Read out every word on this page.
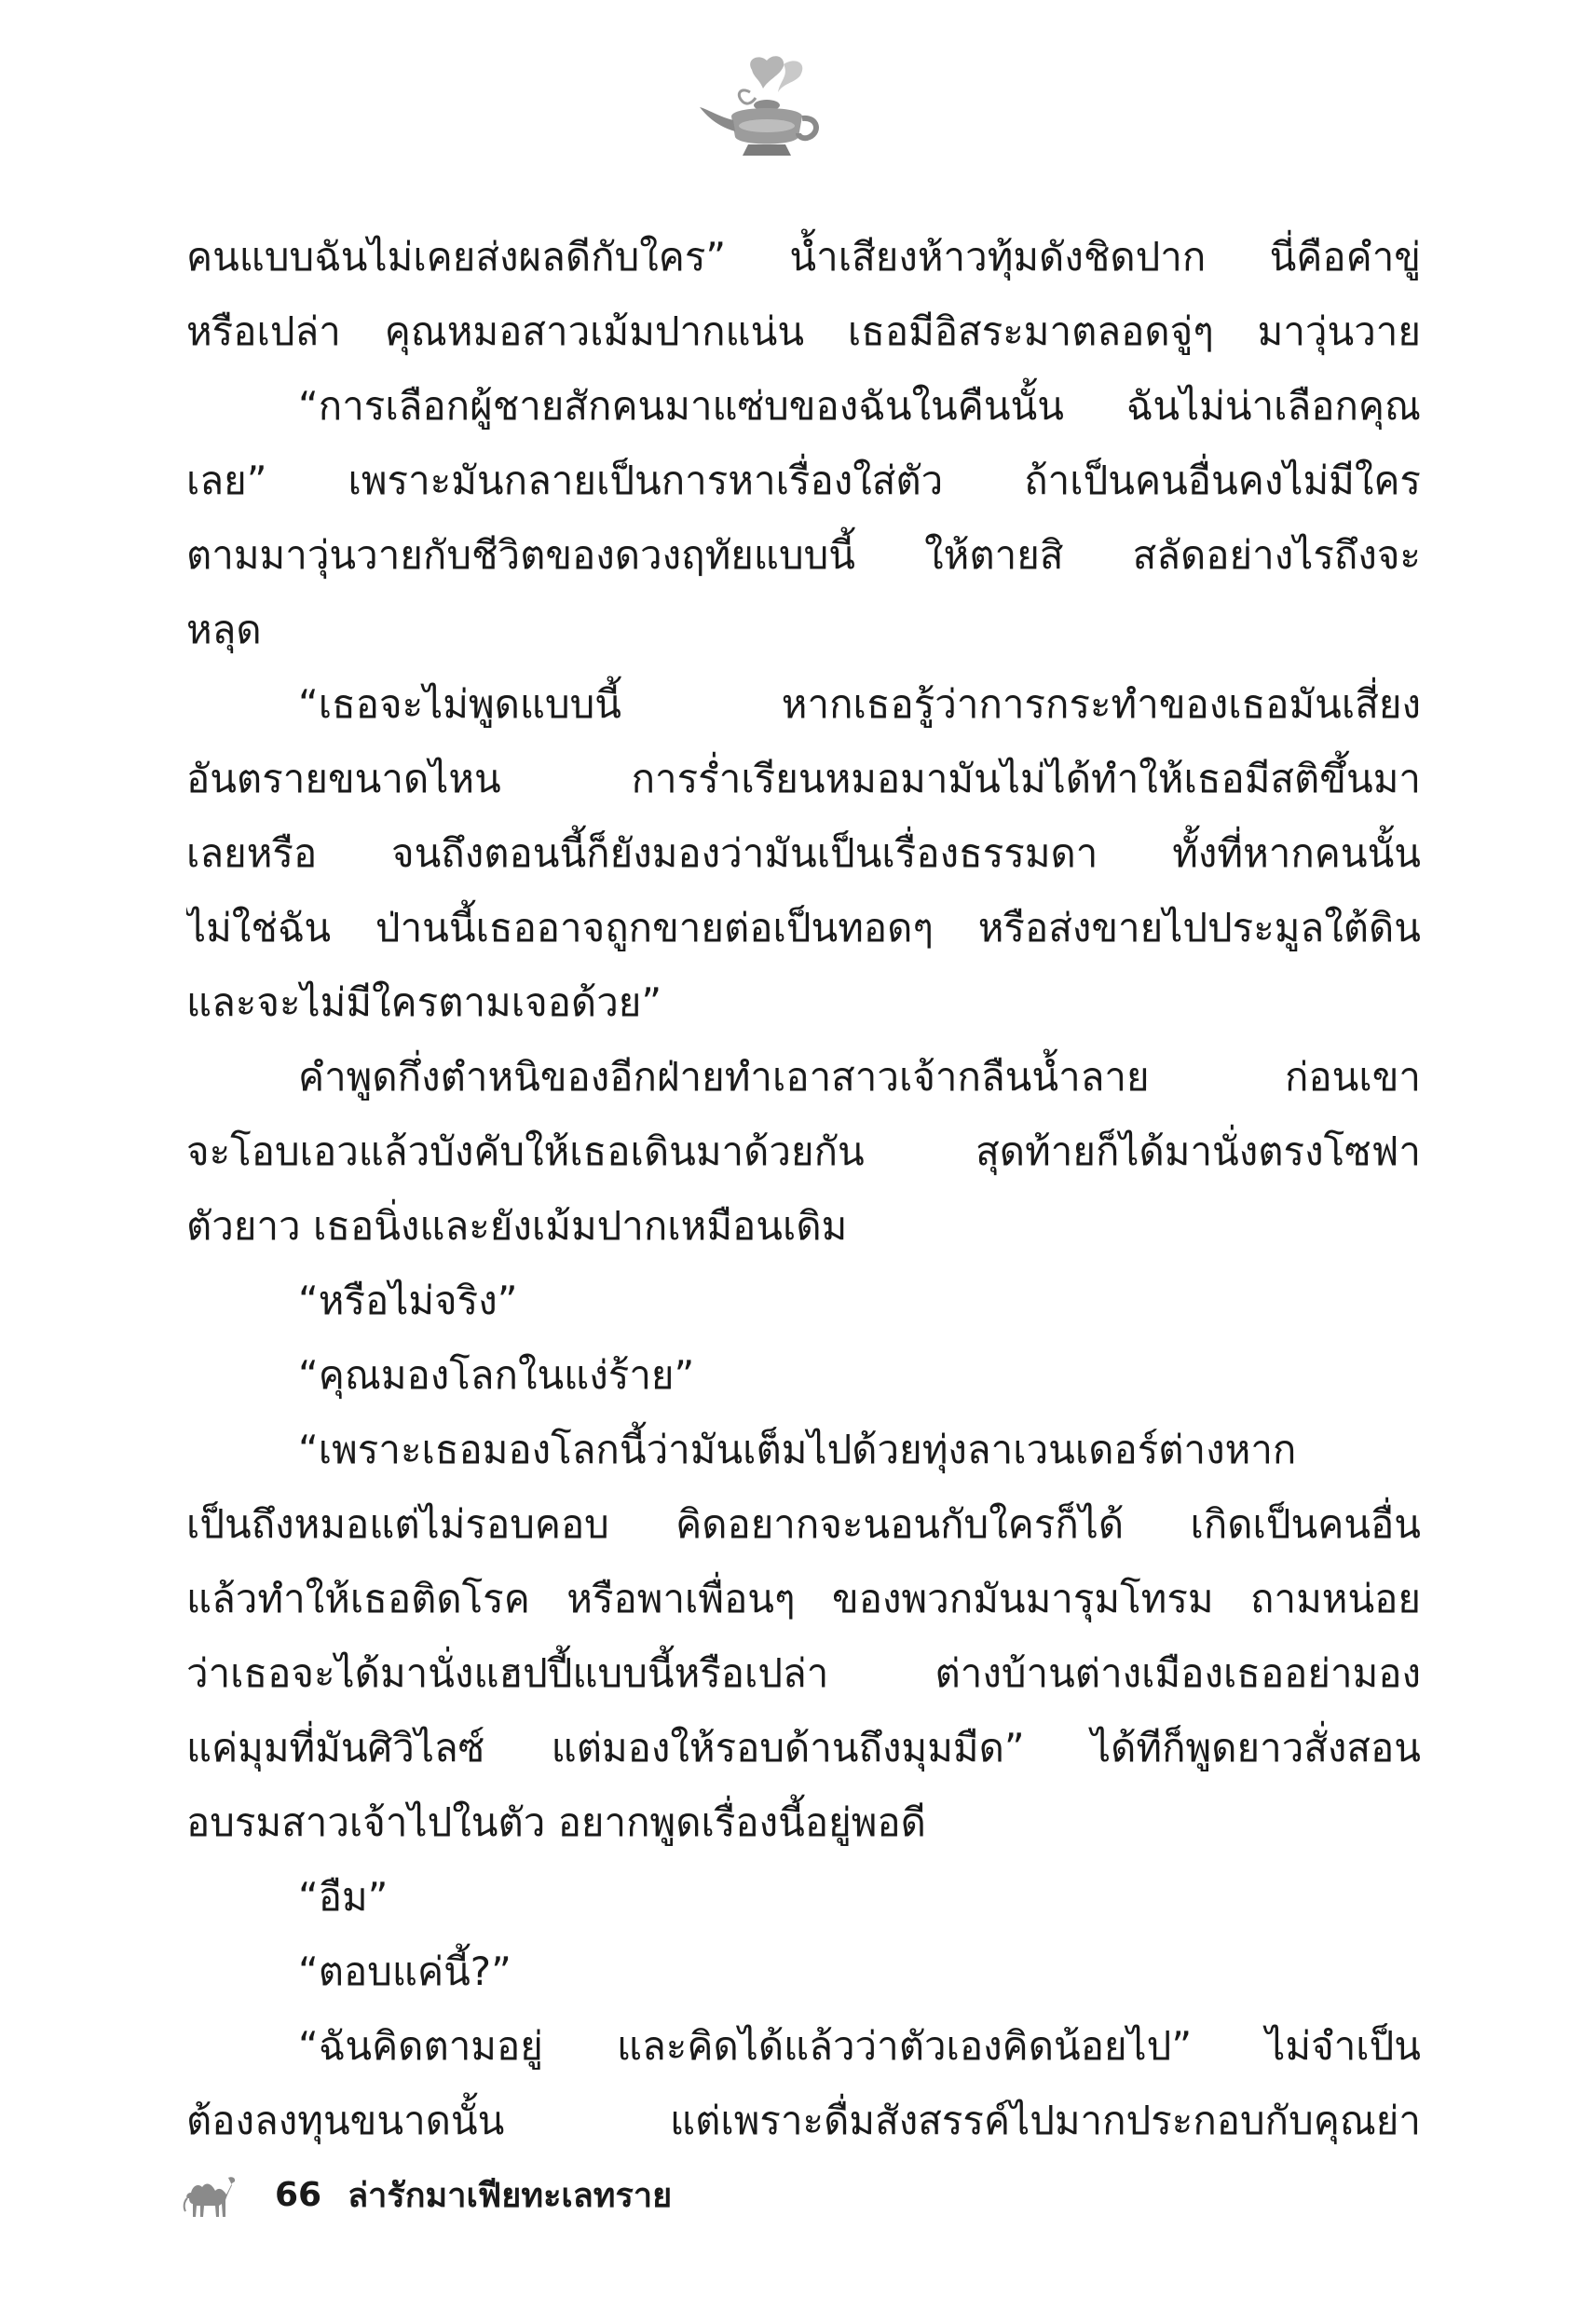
คนแบบฉันไม่เคยส่งผลดีกับใคร” น้ำเสียงห้าวทุ้มดังชิดปาก นี่คือคำขู่
หรือเปล่า คุณหมอสาวเม้มปากแน่น เธอมีอิสระมาตลอดจู่ๆ มาวุ่นวาย
“การเลือกผู้ชายสักคนมาแซ่บของฉันในคืนนั้น ฉันไม่น่าเลือกคุณ
เลย” เพราะมันกลายเป็นการหาเรื่องใส่ตัว ถ้าเป็นคนอื่นคงไม่มีใคร
ตามมาวุ่นวายกับชีวิตของดวงฤทัยแบบนี้ ให้ตายสิ สลัดอย่างไรถึงจะ
หลุด
“เธอจะไม่พูดแบบนี้ หากเธอรู้ว่าการกระทำของเธอมันเสี่ยง
อันตรายขนาดไหน การร่ำเรียนหมอมามันไม่ได้ทำให้เธอมีสติขึ้นมา
เลยหรือ จนถึงตอนนี้ก็ยังมองว่ามันเป็นเรื่องธรรมดา ทั้งที่หากคนนั้น
ไม่ใช่ฉัน ป่านนี้เธออาจถูกขายต่อเป็นทอดๆ หรือส่งขายไปประมูลใต้ดิน
และจะไม่มีใครตามเจอด้วย”
คำพูดกึ่งตำหนิของอีกฝ่ายทำเอาสาวเจ้ากลืนน้ำลาย ก่อนเขา
จะโอบเอวแล้วบังคับให้เธอเดินมาด้วยกัน สุดท้ายก็ได้มานั่งตรงโซฟา
ตัวยาว เธอนิ่งและยังเม้มปากเหมือนเดิม
“หรือไม่จริง”
“คุณมองโลกในแง่ร้าย”
“เพราะเธอมองโลกนี้ว่ามันเต็มไปด้วยทุ่งลาเวนเดอร์ต่างหาก
เป็นถึงหมอแต่ไม่รอบคอบ คิดอยากจะนอนกับใครก็ได้ เกิดเป็นคนอื่น
แล้วทำให้เธอติดโรค หรือพาเพื่อนๆ ของพวกมันมารุมโทรม ถามหน่อย
ว่าเธอจะได้มานั่งแฮปปี้แบบนี้หรือเปล่า ต่างบ้านต่างเมืองเธออย่ามอง
แค่มุมที่มันศิวิไลซ์ แต่มองให้รอบด้านถึงมุมมืด” ได้ทีก็พูดยาวสั่งสอน
อบรมสาวเจ้าไปในตัว อยากพูดเรื่องนี้อยู่พอดี
“อืม”
“ตอบแค่นี้?”
“ฉันคิดตามอยู่ และคิดได้แล้วว่าตัวเองคิดน้อยไป” ไม่จำเป็น
ต้องลงทุนขนาดนั้น แต่เพราะดื่มสังสรรค์ไปมากประกอบกับคุณย่า
66 ล่ารักมาเฟียทะเลทราย
